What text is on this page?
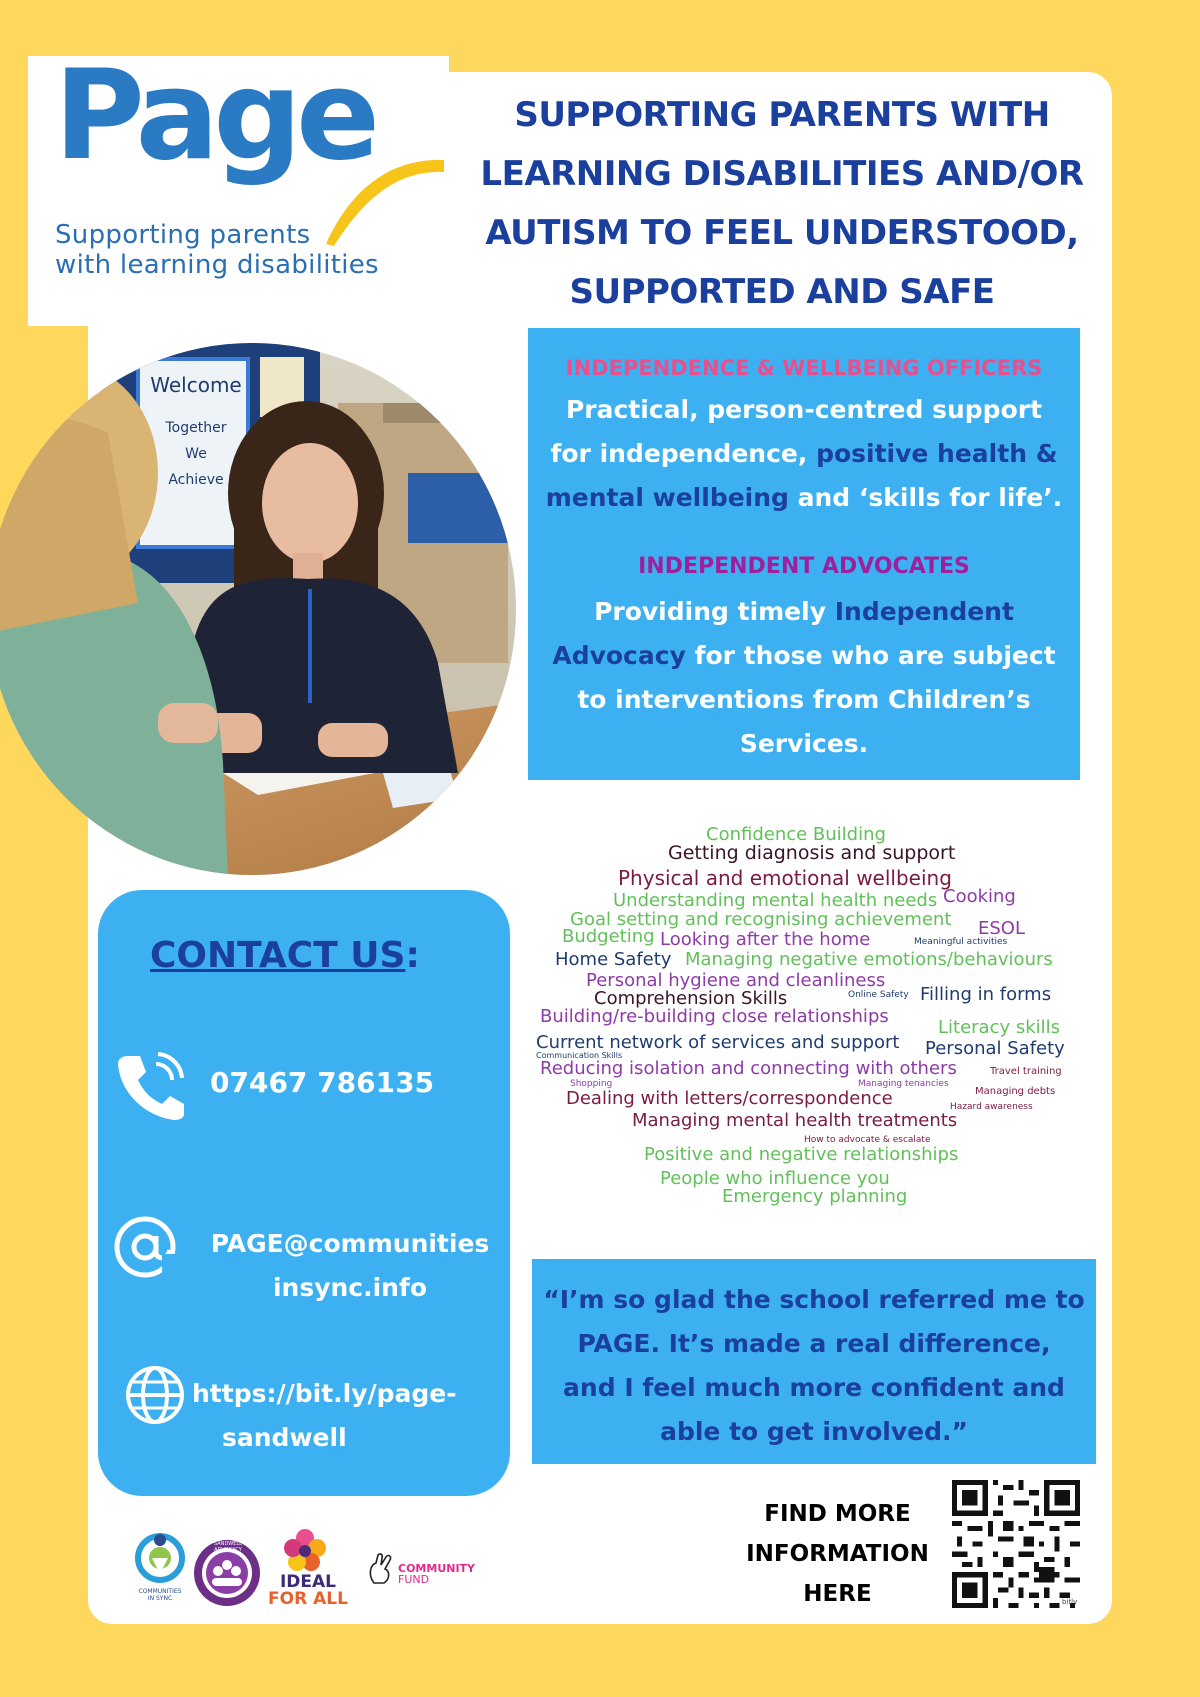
Page
Supporting parents
with learning disabilities
SUPPORTING PARENTS WITH
LEARNING DISABILITIES AND/OR
AUTISM TO FEEL UNDERSTOOD,
SUPPORTED AND SAFE
Welcome
Together
We
Achieve
INDEPENDENCE & WELLBEING OFFICERS
Practical, person-centred support
for independence, positive health &
mental wellbeing and ‘skills for life’.
INDEPENDENT ADVOCATES
Providing timely Independent
Advocacy for those who are subject
to interventions from Children’s
Services.
CONTACT US:
07467 786135
PAGE@communities
insync.info
https://bit.ly/page-
sandwell
Confidence Building
Getting diagnosis and support
Physical and emotional wellbeing
Understanding mental health needs Cooking
Goal setting and recognising achievement
Budgeting Looking after the home
ESOL
Meaningful activities
Home Safety Managing negative emotions/behaviours
Personal hygiene and cleanliness
Comprehension Skills	Online Safety Filling in forms
Building/re-building close relationships
Literacy skills
Current network of services and support Personal Safety
Communication Skills
Reducing isolation and connecting with others	Travel training
Shopping	Managing tenancies
Managing debts
Dealing with letters/correspondence	Hazard awareness
Managing mental health treatments
How to advocate & escalate
Positive and negative relationships
People who influence you
Emergency planning
“I’m so glad the school referred me to
PAGE. It’s made a real difference,
and I feel much more confident and
able to get involved.”
FIND MORE
INFORMATION
HERE	bitly
COMMUNITIES
IN SYNC
SANDWELL ADVOCACY
IDEAL
FOR ALL
COMMUNITY
FUND
